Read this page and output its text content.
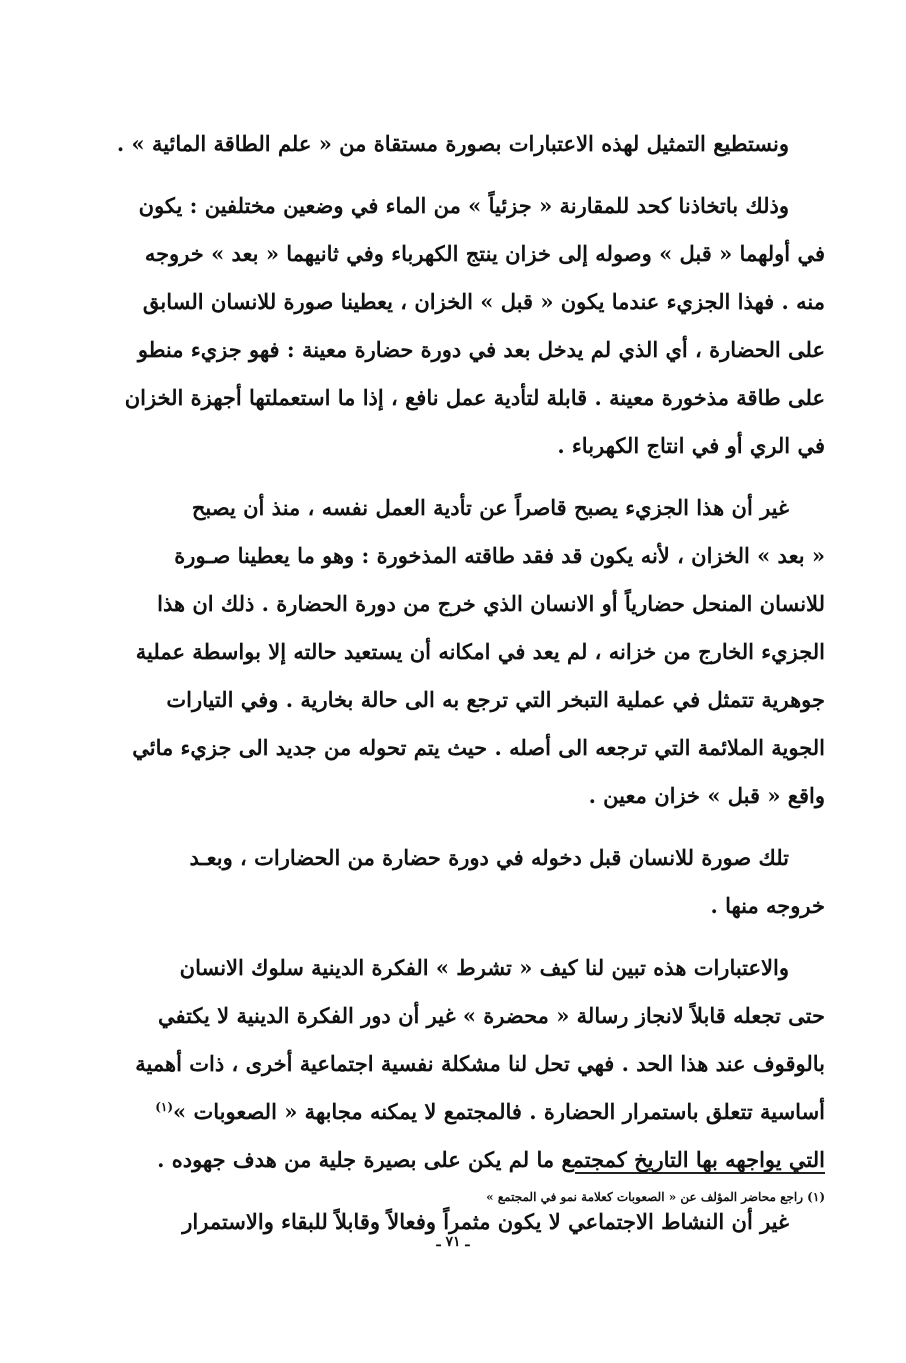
ونستطيع التمثيل لهذه الاعتبارات بصورة مستقاة من « علم الطاقة المائية » .
وذلك باتخاذنا كحد للمقارنة « جزئياً » من الماء في وضعين مختلفين : يكون
في أولهما « قبل » وصوله إلى خزان ينتج الكهرباء وفي ثانيهما « بعد » خروجه
منه . فهذا الجزيء عندما يكون « قبل » الخزان ، يعطينا صورة للانسان السابق
على الحضارة ، أي الذي لم يدخل بعد في دورة حضارة معينة : فهو جزيء منطو
على طاقة مذخورة معينة . قابلة لتأدية عمل نافع ، إذا ما استعملتها أجهزة الخزان
في الري أو في انتاج الكهرباء .
غير أن هذا الجزيء يصبح قاصراً عن تأدية العمل نفسه ، منذ أن يصبح
« بعد » الخزان ، لأنه يكون قد فقد طاقته المذخورة : وهو ما يعطينا صـورة
للانسان المنحل حضارياً أو الانسان الذي خرج من دورة الحضارة . ذلك ان هذا
الجزيء الخارج من خزانه ، لم يعد في امكانه أن يستعيد حالته إلا بواسطة عملية
جوهرية تتمثل في عملية التبخر التي ترجع به الى حالة بخارية . وفي التيارات
الجوية الملائمة التي ترجعه الى أصله . حيث يتم تحوله من جديد الى جزيء مائي
واقع « قبل » خزان معين .
تلك صورة للانسان قبل دخوله في دورة حضارة من الحضارات ، وبعـد
خروجه منها .
والاعتبارات هذه تبين لنا كيف « تشرط » الفكرة الدينية سلوك الانسان
حتى تجعله قابلاً لانجاز رسالة « محضرة » غير أن دور الفكرة الدينية لا يكتفي
بالوقوف عند هذا الحد . فهي تحل لنا مشكلة نفسية اجتماعية أخرى ، ذات أهمية
أساسية تتعلق باستمرار الحضارة . فالمجتمع لا يمكنه مجابهة « الصعوبات »$^{(١)}$
التي يواجهه بها التاريخ كمجتمع ما لم يكن على بصيرة جلية من هدف جهوده .
غير أن النشاط الاجتماعي لا يكون مثمراً وفعالاً وقابلاً للبقاء والاستمرار
(١) راجع محاضر المؤلف عن « الصعوبات كعلامة نمو في المجتمع »
ـ ٧١ ـ
